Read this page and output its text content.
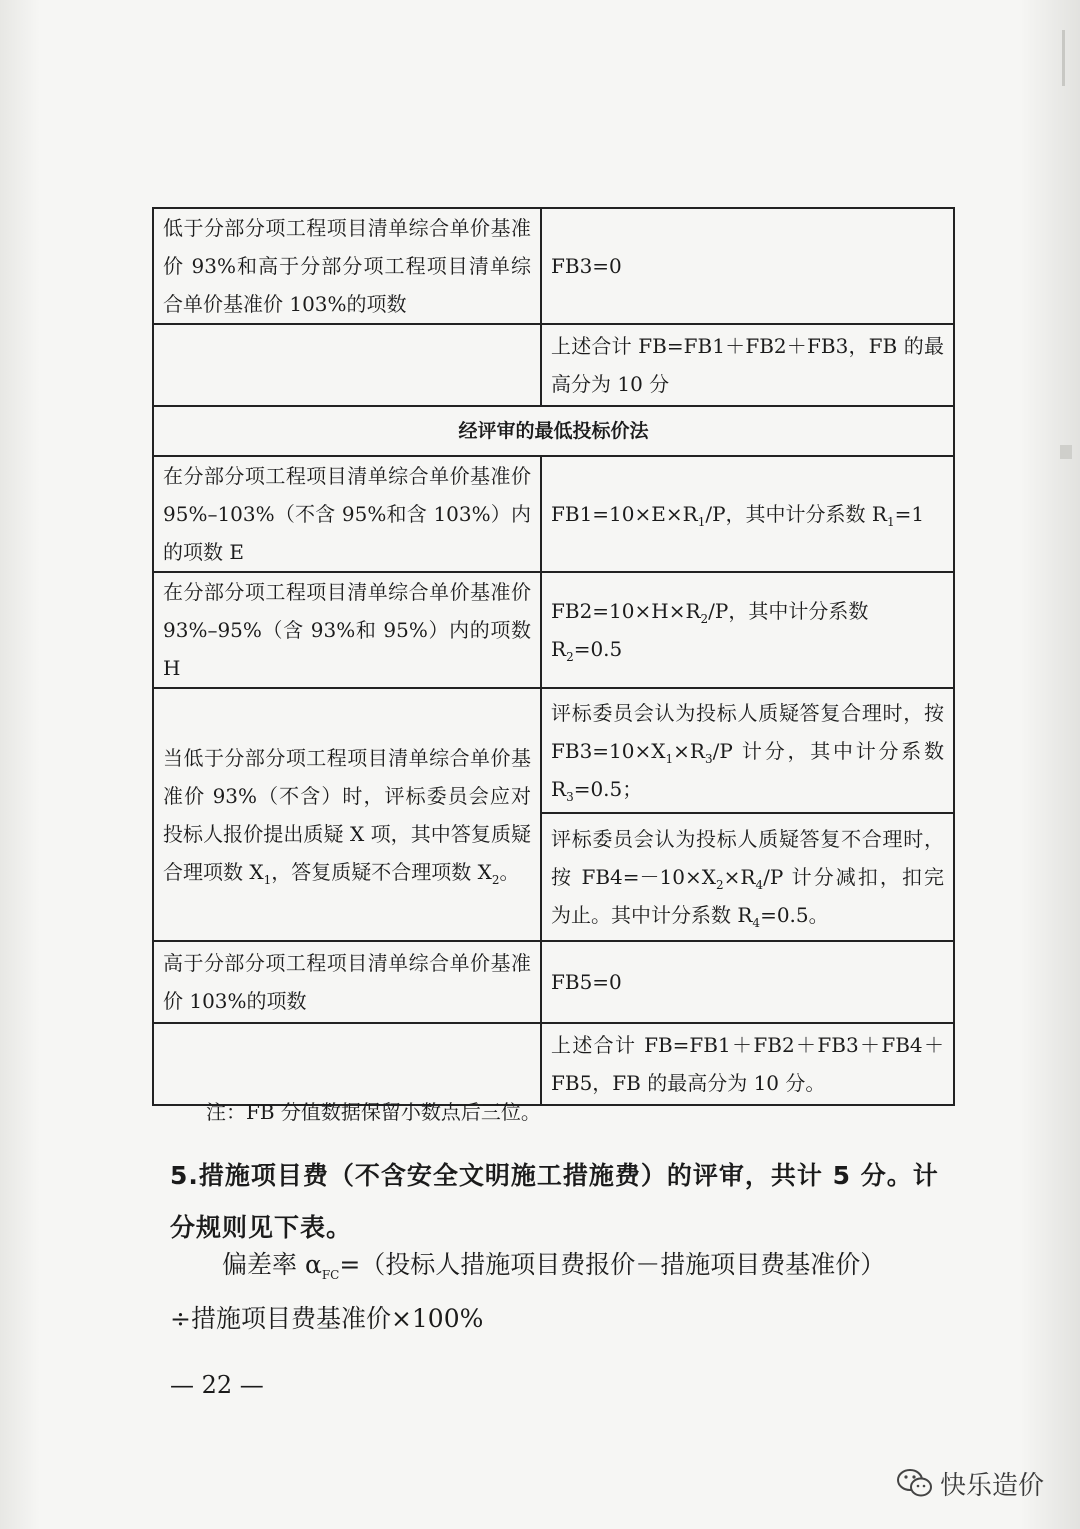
低于分部分项工程项目清单综合单价基准价 93%和高于分部分项工程项目清单综合单价基准价 103%的项数	FB3=0
	上述合计 FB=FB1＋FB2＋FB3，FB 的最高分为 10 分
经评审的最低投标价法	
在分部分项工程项目清单综合单价基准价 95%–103%（不含 95%和含 103%）内的项数 E	$FB1=10\times E\times R_1/P$，其中计分系数 $R_1=1$
在分部分项工程项目清单综合单价基准价 93%–95%（含 93%和 95%）内的项数 H	$FB2=10\times H\times R_2/P$，其中计分系数 $R_2=0.5$
当低于分部分项工程项目清单综合单价基准价 93%（不含）时，评标委员会应对投标人报价提出质疑 X 项，其中答复质疑合理项数 $X_1$，答复质疑不合理项数 $X_2$。	评标委员会认为投标人质疑答复合理时，按 $FB3=10\times X_1\times R_3/P$ 计分，其中计分系数 $R_3=0.5$；
	评标委员会认为投标人质疑答复不合理时，按 $FB4=-10\times X_2\times R_4/P$ 计分减扣，扣完为止。其中计分系数 $R_4=0.5$。
高于分部分项工程项目清单综合单价基准价 103%的项数	FB5=0
	上述合计 FB=FB1＋FB2＋FB3＋FB4＋FB5，FB 的最高分为 10 分。
注：FB 分值数据保留小数点后三位。
5.措施项目费（不含安全文明施工措施费）的评审，共计 5 分。计分规则见下表。
偏差率 $\alpha_{FC}=$（投标人措施项目费报价－措施项目费基准价）
÷措施项目费基准价×100%
— 22 —
快乐造价
